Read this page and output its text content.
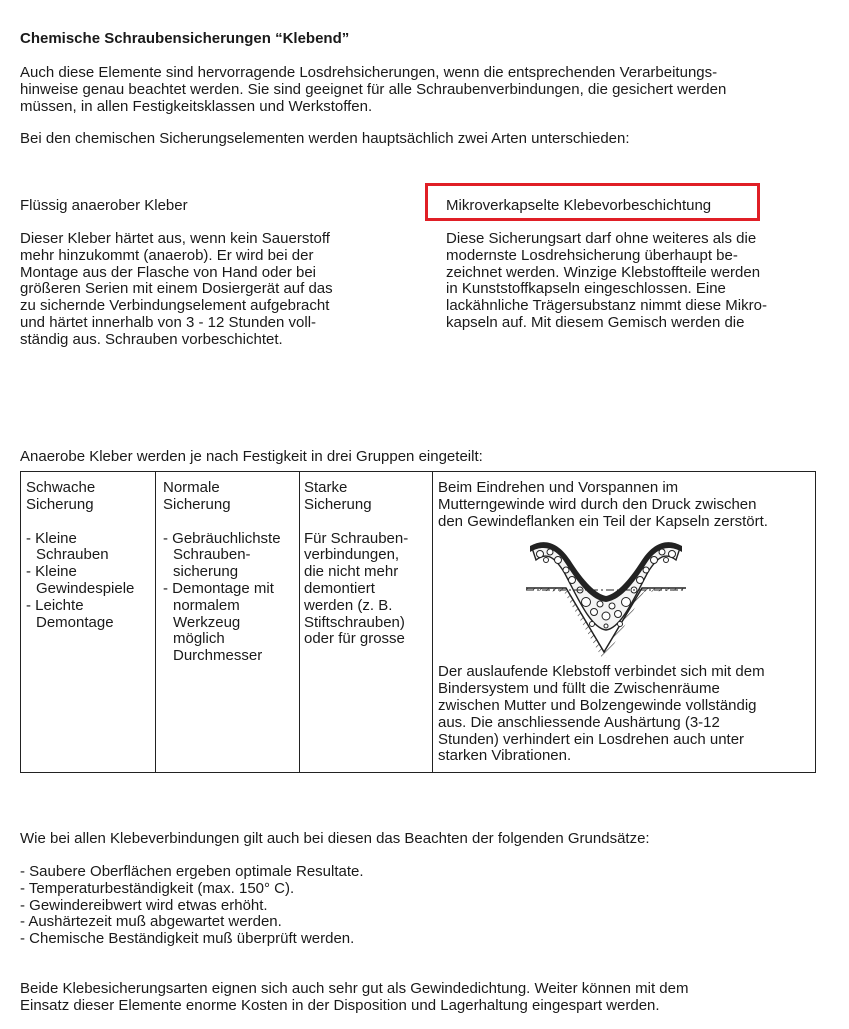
Chemische Schraubensicherungen “Klebend”
Auch diese Elemente sind hervorragende Losdrehsicherungen, wenn die entsprechenden Verarbeitungs-
hinweise genau beachtet werden. Sie sind geeignet für alle Schraubenverbindungen, die gesichert werden
müssen, in allen Festigkeitsklassen und Werkstoffen.
Bei den chemischen Sicherungselementen werden hauptsächlich zwei Arten unterschieden:
Flüssig anaerober Kleber
Dieser Kleber härtet aus, wenn kein Sauerstoff
mehr hinzukommt (anaerob). Er wird bei der
Montage aus der Flasche von Hand oder bei
größeren Serien mit einem Dosiergerät auf das
zu sichernde Verbindungselement aufgebracht
und härtet innerhalb von 3 - 12 Stunden voll-
ständig aus. Schrauben vorbeschichtet.
Mikroverkapselte Klebevorbeschichtung
Diese Sicherungsart darf ohne weiteres als die
modernste Losdrehsicherung überhaupt be-
zeichnet werden. Winzige Klebstoffteile werden
in Kunststoffkapseln eingeschlossen. Eine
lackähnliche Trägersubstanz nimmt diese Mikro-
kapseln auf. Mit diesem Gemisch werden die
Anaerobe Kleber werden je nach Festigkeit in drei Gruppen eingeteilt:
Schwache
Sicherung
- Kleine
Schrauben
- Kleine
Gewindespiele
- Leichte
Demontage

Normale
Sicherung
- Gebräuchlichste
Schrauben-
sicherung
- Demontage mit
normalem
Werkzeug
möglich
Durchmesser

Starke
Sicherung
Für Schrauben-
verbindungen,
die nicht mehr
demontiert
werden (z. B.
Stiftschrauben)
oder für grosse

Beim Eindrehen und Vorspannen im
Mutterngewinde wird durch den Druck zwischen
den Gewindeflanken ein Teil der Kapseln zerstört.
Der auslaufende Klebstoff verbindet sich mit dem
Bindersystem und füllt die Zwischenräume
zwischen Mutter und Bolzengewinde vollständig
aus. Die anschliessende Aushärtung (3-12
Stunden) verhindert ein Losdrehen auch unter
starken Vibrationen.
Wie bei allen Klebeverbindungen gilt auch bei diesen das Beachten der folgenden Grundsätze:
- Saubere Oberflächen ergeben optimale Resultate.
- Temperaturbeständigkeit (max. 150° C).
- Gewindereibwert wird etwas erhöht.
- Aushärtezeit muß abgewartet werden.
- Chemische Beständigkeit muß überprüft werden.
Beide Klebesicherungsarten eignen sich auch sehr gut als Gewindedichtung. Weiter können mit dem
Einsatz dieser Elemente enorme Kosten in der Disposition und Lagerhaltung eingespart werden.
